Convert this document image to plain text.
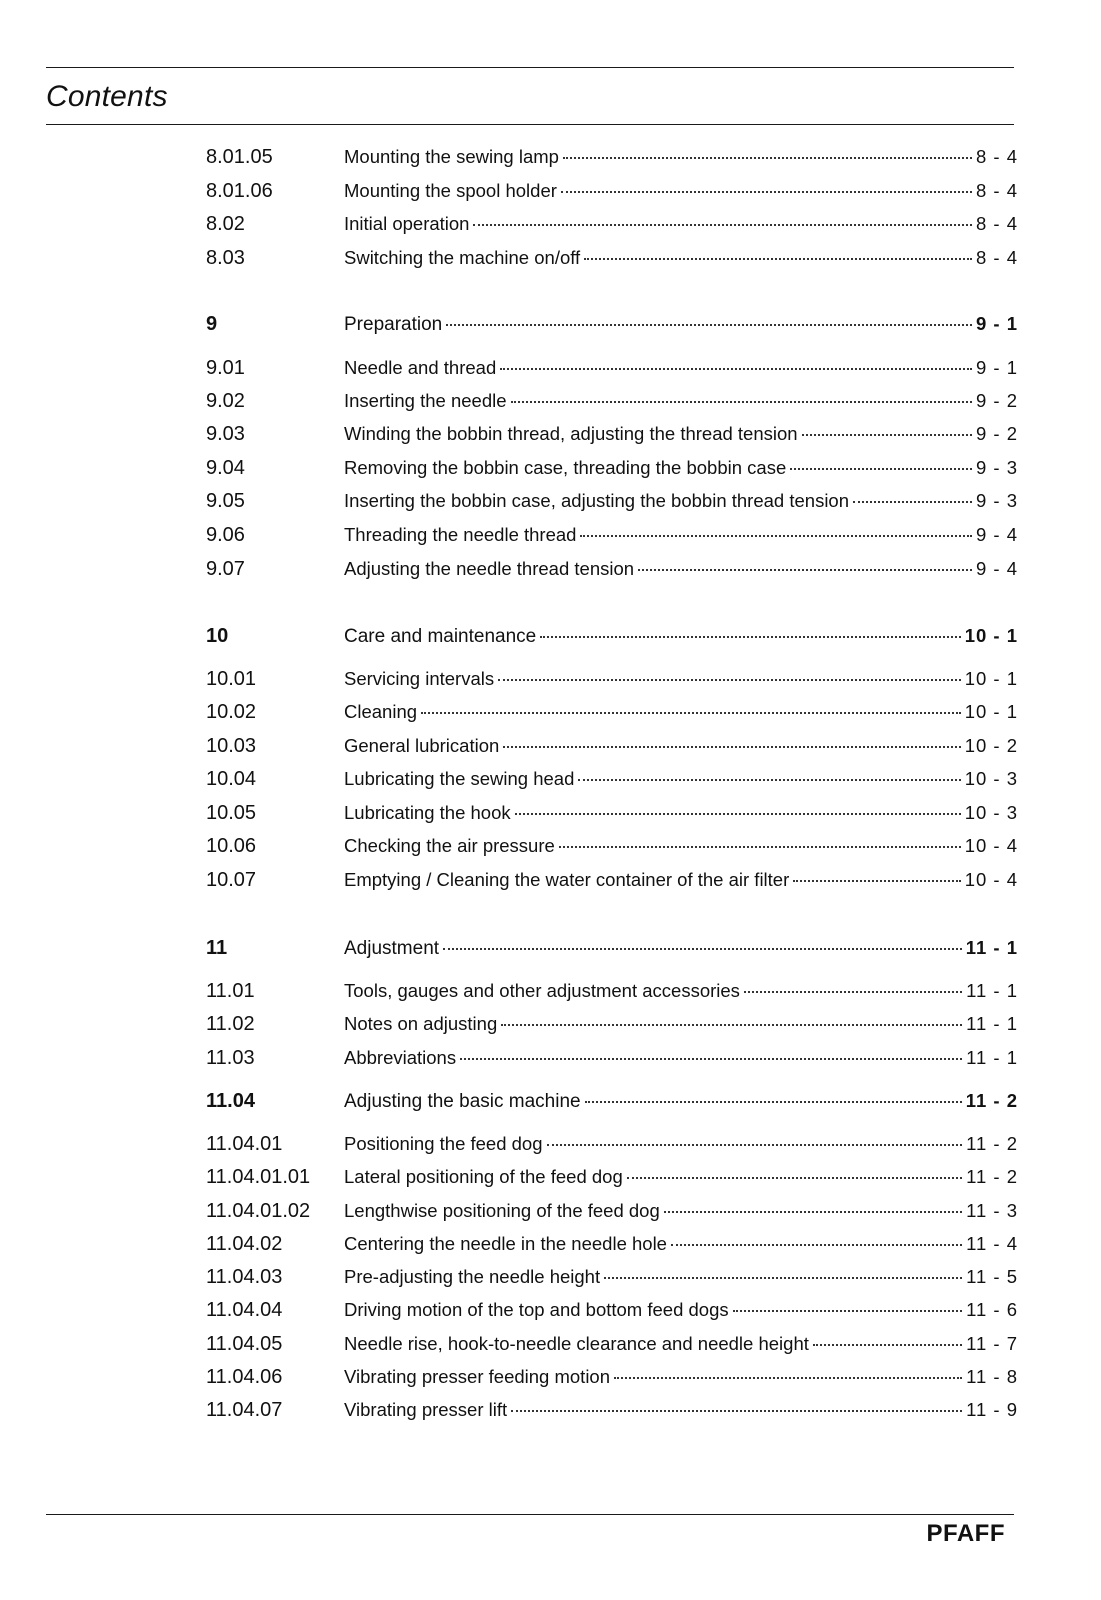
Contents
8.01.05	Mounting the sewing lamp	8 - 4
8.01.06	Mounting the spool holder	8 - 4
8.02	Initial operation	8 - 4
8.03	Switching the machine on/off	8 - 4
9	Preparation	9 - 1
9.01	Needle and thread	9 - 1
9.02	Inserting the needle	9 - 2
9.03	Winding the bobbin thread, adjusting the thread tension	9 - 2
9.04	Removing the bobbin case, threading the bobbin case	9 - 3
9.05	Inserting the bobbin case, adjusting the bobbin thread tension	9 - 3
9.06	Threading the needle thread	9 - 4
9.07	Adjusting the needle thread tension	9 - 4
10	Care and maintenance	10 - 1
10.01	Servicing intervals	10 - 1
10.02	Cleaning	10 - 1
10.03	General lubrication	10 - 2
10.04	Lubricating the sewing head	10 - 3
10.05	Lubricating the hook	10 - 3
10.06	Checking the air pressure	10 - 4
10.07	Emptying / Cleaning the water container of the air filter	10 - 4
11	Adjustment	11 - 1
11.01	Tools, gauges and other adjustment accessories	11 - 1
11.02	Notes on adjusting	11 - 1
11.03	Abbreviations	11 - 1
11.04	Adjusting the basic machine	11 - 2
11.04.01	Positioning the feed dog	11 - 2
11.04.01.01	Lateral positioning of the feed dog	11 - 2
11.04.01.02	Lengthwise positioning of the feed dog	11 - 3
11.04.02	Centering the needle in the needle hole	11 - 4
11.04.03	Pre-adjusting the needle height	11 - 5
11.04.04	Driving motion of the top and bottom feed dogs	11 - 6
11.04.05	Needle rise, hook-to-needle clearance and needle height	11 - 7
11.04.06	Vibrating presser feeding motion	11 - 8
11.04.07	Vibrating presser lift	11 - 9
PFAFF
